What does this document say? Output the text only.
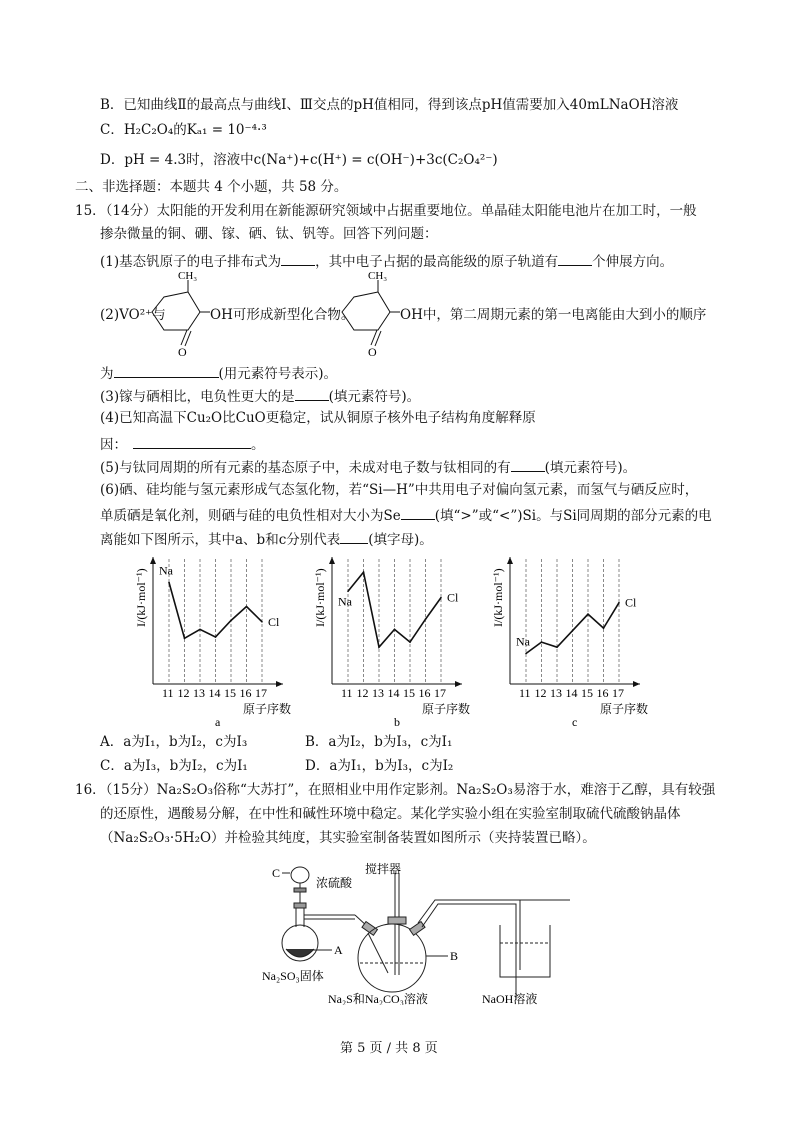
B．已知曲线Ⅱ的最高点与曲线Ⅰ、Ⅲ交点的pH值相同，得到该点pH值需要加入40mLNaOH溶液
C．H₂C₂O₄的Kₐ₁ = 10⁻⁴·³
D．pH = 4.3时，溶液中c(Na⁺)+c(H⁺) = c(OH⁻)+3c(C₂O₄²⁻)
二、非选择题：本题共 4 个小题，共 58 分。
15．（14分）太阳能的开发利用在新能源研究领域中占据重要地位。单晶硅太阳能电池片在加工时，一般
掺杂微量的铜、硼、镓、硒、钛、钒等。回答下列问题：
(1)基态钒原子的电子排布式为	，其中电子占据的最高能级的原子轨道有	个伸展方向。
(2)VO²⁺与
CH₃
O
OH可形成新型化合物。
CH₃
O
OH中，第二周期元素的第一电离能由大到小的顺序
为	(用元素符号表示)。
(3)镓与硒相比，电负性更大的是	(填元素符号)。
(4)已知高温下Cu₂O比CuO更稳定，试从铜原子核外电子结构角度解释原
因：	。
(5)与钛同周期的所有元素的基态原子中，未成对电子数与钛相同的有	(填元素符号)。
(6)硒、硅均能与氢元素形成气态氢化物，若“Si—H”中共用电子对偏向氢元素，而氢气与硒反应时，
单质硒是氧化剂，则硒与硅的电负性相对大小为Se	(填“>”或“<”)Si。与Si同周期的部分元素的电
离能如下图所示，其中a、b和c分别代表 (填字母)。
I/(kJ·mol⁻¹)
11
Na
12 13 14 15 16 17
Cl
原子序数
a
I/(kJ·mol⁻¹)
11
Na
12 13 14 15 16 17
Cl
原子序数
b
I/(kJ·mol⁻¹)
11
Na
12 13 14 15 16 17
Cl
原子序数
c
A．a为I₁，b为I₂，c为I₃	B．a为I₂，b为I₃，c为I₁
C．a为I₃，b为I₂，c为I₁	D．a为I₁，b为I₃，c为I₂
16．（15分）Na₂S₂O₃俗称“大苏打”，在照相业中用作定影剂。Na₂S₂O₃易溶于水，难溶于乙醇，具有较强
的还原性，遇酸易分解，在中性和碱性环境中稳定。某化学实验小组在实验室制取硫代硫酸钠晶体
（Na₂S₂O₃·5H₂O）并检验其纯度，其实验室制备装置如图所示（夹持装置已略）。
C
浓硫酸
搅拌器
A	B
Na₂SO₃固体
Na₂S和Na₂CO₃溶液	NaOH溶液
第 5 页 / 共 8 页
